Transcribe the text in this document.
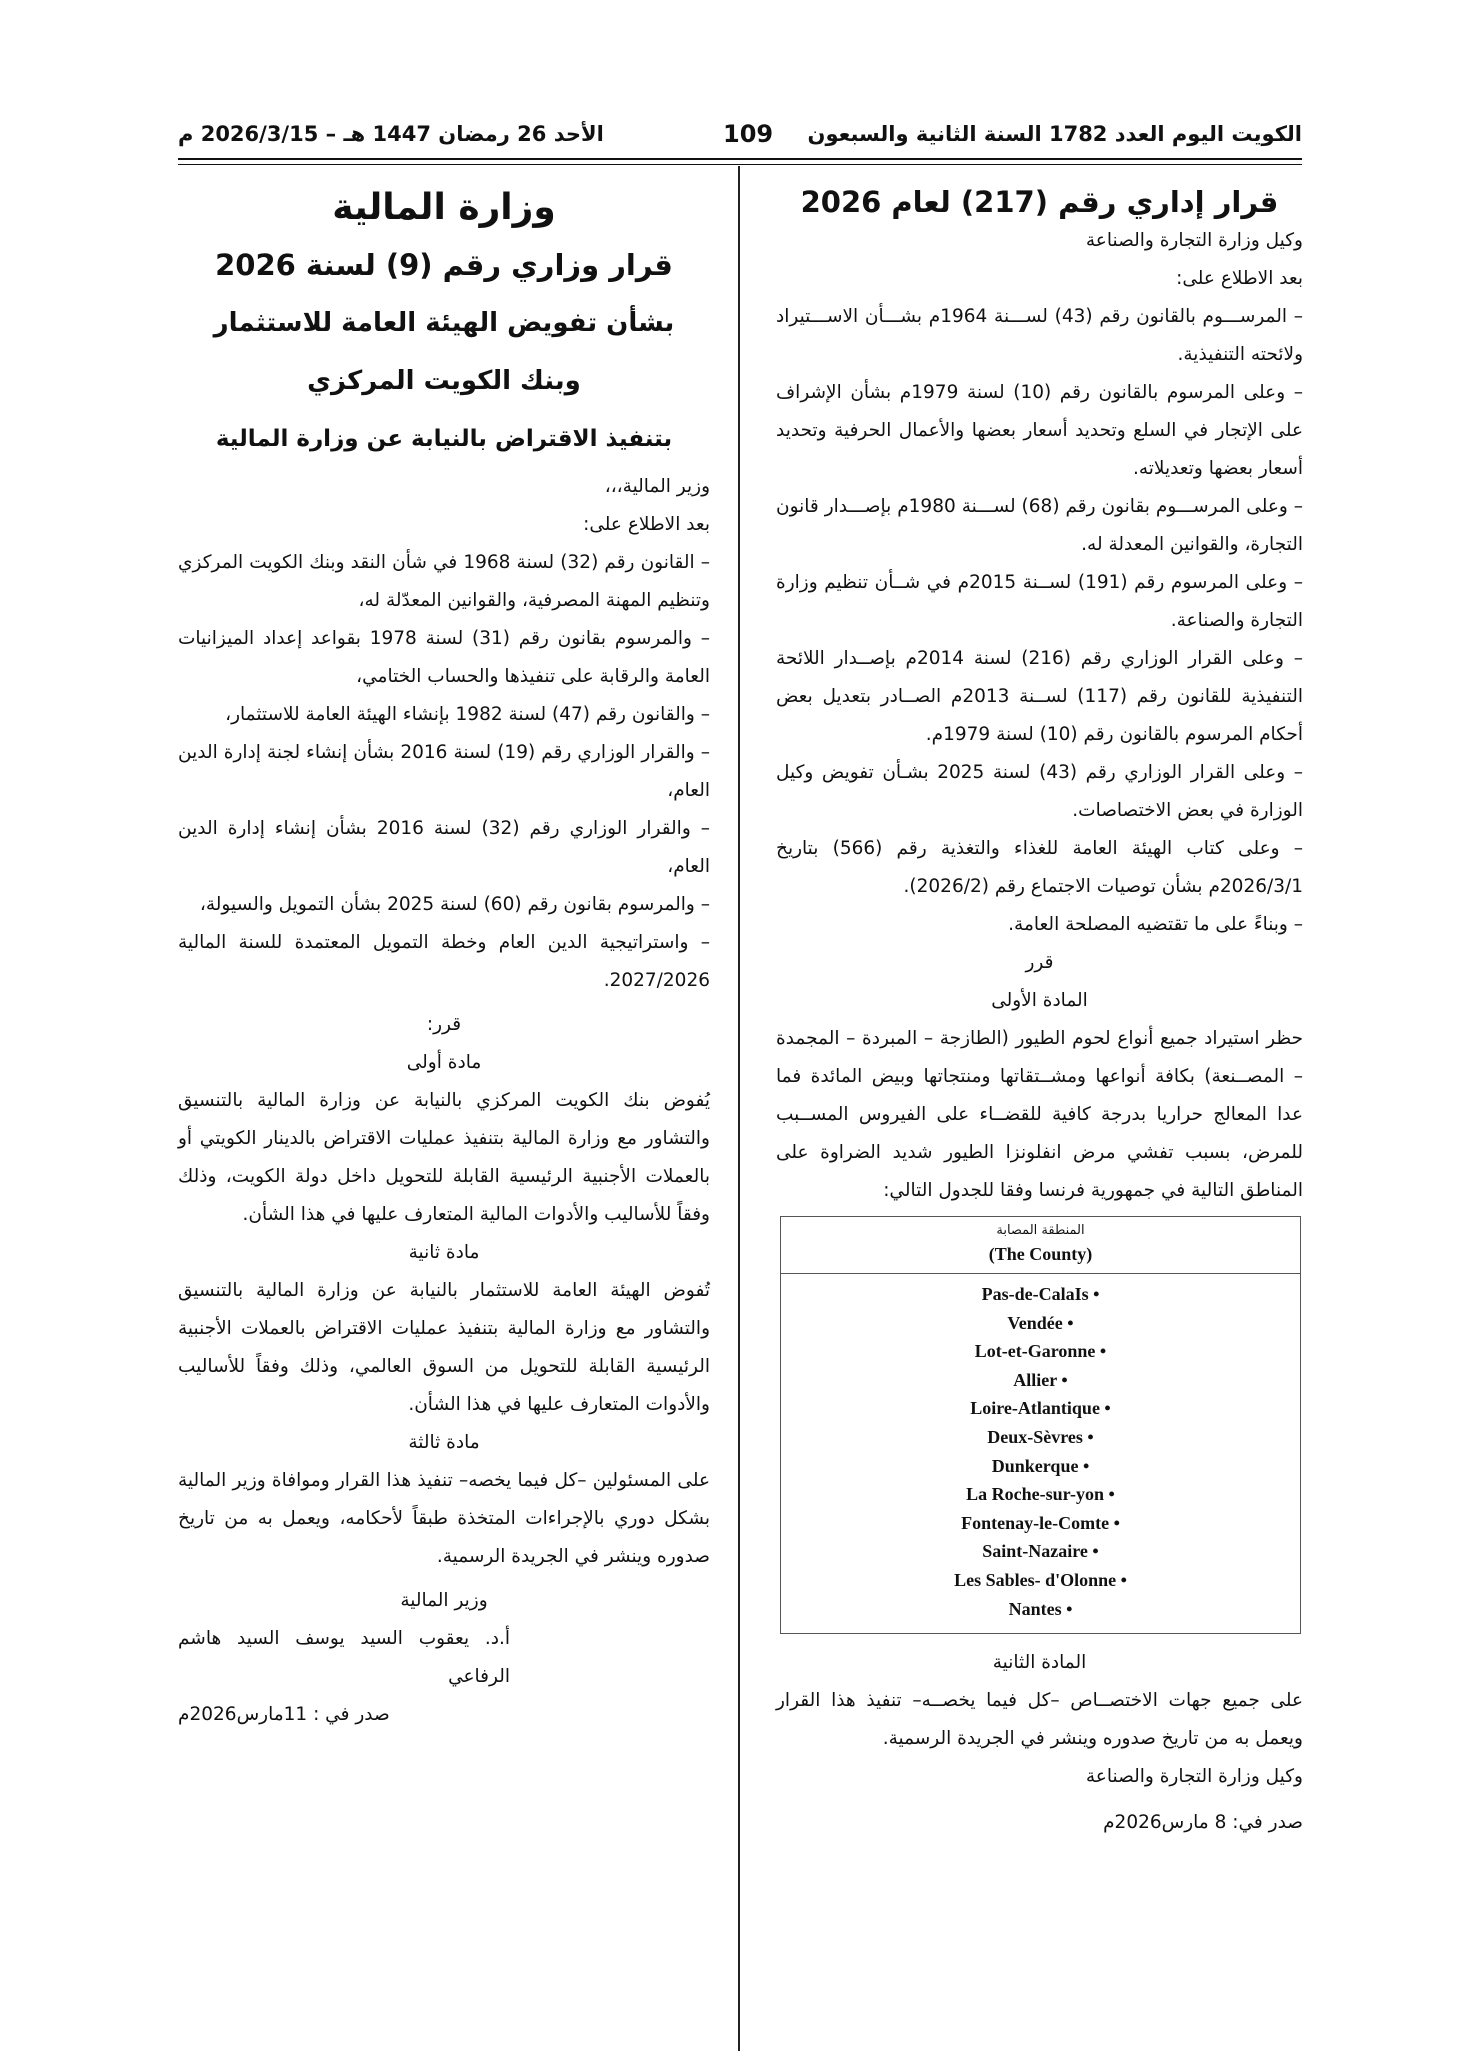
الكويت اليوم العدد 1782 السنة الثانية والسبعون
109
الأحد 26 رمضان 1447 هـ – 2026/3/15 م

قرار إداري رقم (217) لعام 2026

وكيل وزارة التجارة والصناعة

بعد الاطلاع على:

– المرســـوم بالقانون رقم (43) لســـنة 1964م بشـــأن الاســـتيراد ولائحته التنفيذية.

– وعلى المرسوم بالقانون رقم (10) لسنة 1979م بشأن الإشراف على الإتجار في السلع وتحديد أسعار بعضها والأعمال الحرفية وتحديد أسعار بعضها وتعديلاته.

– وعلى المرســـوم بقانون رقم (68) لســـنة 1980م بإصـــدار قانون التجارة، والقوانين المعدلة له.

– وعلى المرسوم رقم (191) لســنة 2015م في شــأن تنظيم وزارة التجارة والصناعة.

– وعلى القرار الوزاري رقم (216) لسنة 2014م بإصــدار اللائحة التنفيذية للقانون رقم (117) لســنة 2013م الصــادر بتعديل بعض أحكام المرسوم بالقانون رقم (10) لسنة 1979م.

– وعلى القرار الوزاري رقم (43) لسنة 2025 بشـأن تفويض وكيل الوزارة في بعض الاختصاصات.

– وعلى كتاب الهيئة العامة للغذاء والتغذية رقم (566) بتاريخ 2026/3/1م بشأن توصيات الاجتماع رقم (2026/2).

– وبناءً على ما تقتضيه المصلحة العامة.

قرر

المادة الأولى

حظر استيراد جميع أنواع لحوم الطيور (الطازجة – المبردة – المجمدة – المصــنعة) بكافة أنواعها ومشــتقاتها ومنتجاتها وبيض المائدة فما عدا المعالج حراريا بدرجة كافية للقضــاء على الفيروس المســبب للمرض، بسبب تفشي مرض انفلونزا الطيور شديد الضراوة على المناطق التالية في جمهورية فرنسا وفقا للجدول التالي:

المنطقة المصابة
(The County)
Pas-de-CalaIs •
Vendée •
Lot-et-Garonne •
Allier •
Loire-Atlantique •
Deux-Sèvres •
Dunkerque •
La Roche-sur-yon •
Fontenay-le-Comte •
Saint-Nazaire •
Les Sables- d'Olonne •
Nantes •

المادة الثانية

على جميع جهات الاختصــاص –كل فيما يخصــه– تنفيذ هذا القرار ويعمل به من تاريخ صدوره وينشر في الجريدة الرسمية.

وكيل وزارة التجارة والصناعة

صدر في: 8 مارس2026م

وزارة المالية

قرار وزاري رقم (9) لسنة 2026

بشأن تفويض الهيئة العامة للاستثمار

وبنك الكويت المركزي

بتنفيذ الاقتراض بالنيابة عن وزارة المالية

وزير المالية،،،

بعد الاطلاع على:

– القانون رقم (32) لسنة 1968 في شأن النقد وبنك الكويت المركزي وتنظيم المهنة المصرفية، والقوانين المعدّلة له،

– والمرسوم بقانون رقم (31) لسنة 1978 بقواعد إعداد الميزانيات العامة والرقابة على تنفيذها والحساب الختامي،

– والقانون رقم (47) لسنة 1982 بإنشاء الهيئة العامة للاستثمار،

– والقرار الوزاري رقم (19) لسنة 2016 بشأن إنشاء لجنة إدارة الدين العام،

– والقرار الوزاري رقم (32) لسنة 2016 بشأن إنشاء إدارة الدين العام،

– والمرسوم بقانون رقم (60) لسنة 2025 بشأن التمويل والسيولة،

– واستراتيجية الدين العام وخطة التمويل المعتمدة للسنة المالية 2027/2026.

قرر:

مادة أولى

يُفوض بنك الكويت المركزي بالنيابة عن وزارة المالية بالتنسيق والتشاور مع وزارة المالية بتنفيذ عمليات الاقتراض بالدينار الكويتي أو بالعملات الأجنبية الرئيسية القابلة للتحويل داخل دولة الكويت، وذلك وفقاً للأساليب والأدوات المالية المتعارف عليها في هذا الشأن.

مادة ثانية

تُفوض الهيئة العامة للاستثمار بالنيابة عن وزارة المالية بالتنسيق والتشاور مع وزارة المالية بتنفيذ عمليات الاقتراض بالعملات الأجنبية الرئيسية القابلة للتحويل من السوق العالمي، وذلك وفقاً للأساليب والأدوات المتعارف عليها في هذا الشأن.

مادة ثالثة

على المسئولين –كل فيما يخصه– تنفيذ هذا القرار وموافاة وزير المالية بشكل دوري بالإجراءات المتخذة طبقاً لأحكامه، ويعمل به من تاريخ صدوره وينشر في الجريدة الرسمية.

وزير المالية

أ.د. يعقوب السيد يوسف السيد هاشم الرفاعي

صدر في : 11مارس2026م
